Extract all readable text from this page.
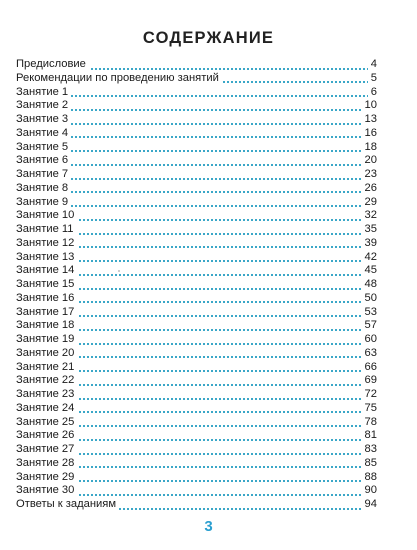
СОДЕРЖАНИЕ
Предисловие	4
Рекомендации по проведению занятий	5
Занятие 1	6
Занятие 2	10
Занятие 3	13
Занятие 4	16
Занятие 5	18
Занятие 6	20
Занятие 7	23
Занятие 8	26
Занятие 9	29
Занятие 10	32
Занятие 11	35
Занятие 12	39
Занятие 13	42
Занятие 14	45
Занятие 15	48
Занятие 16	50
Занятие 17	53
Занятие 18	57
Занятие 19	60
Занятие 20	63
Занятие 21	66
Занятие 22	69
Занятие 23	72
Занятие 24	75
Занятие 25	78
Занятие 26	81
Занятие 27	83
Занятие 28	85
Занятие 29	88
Занятие 30	90
Ответы к заданиям	94
3
